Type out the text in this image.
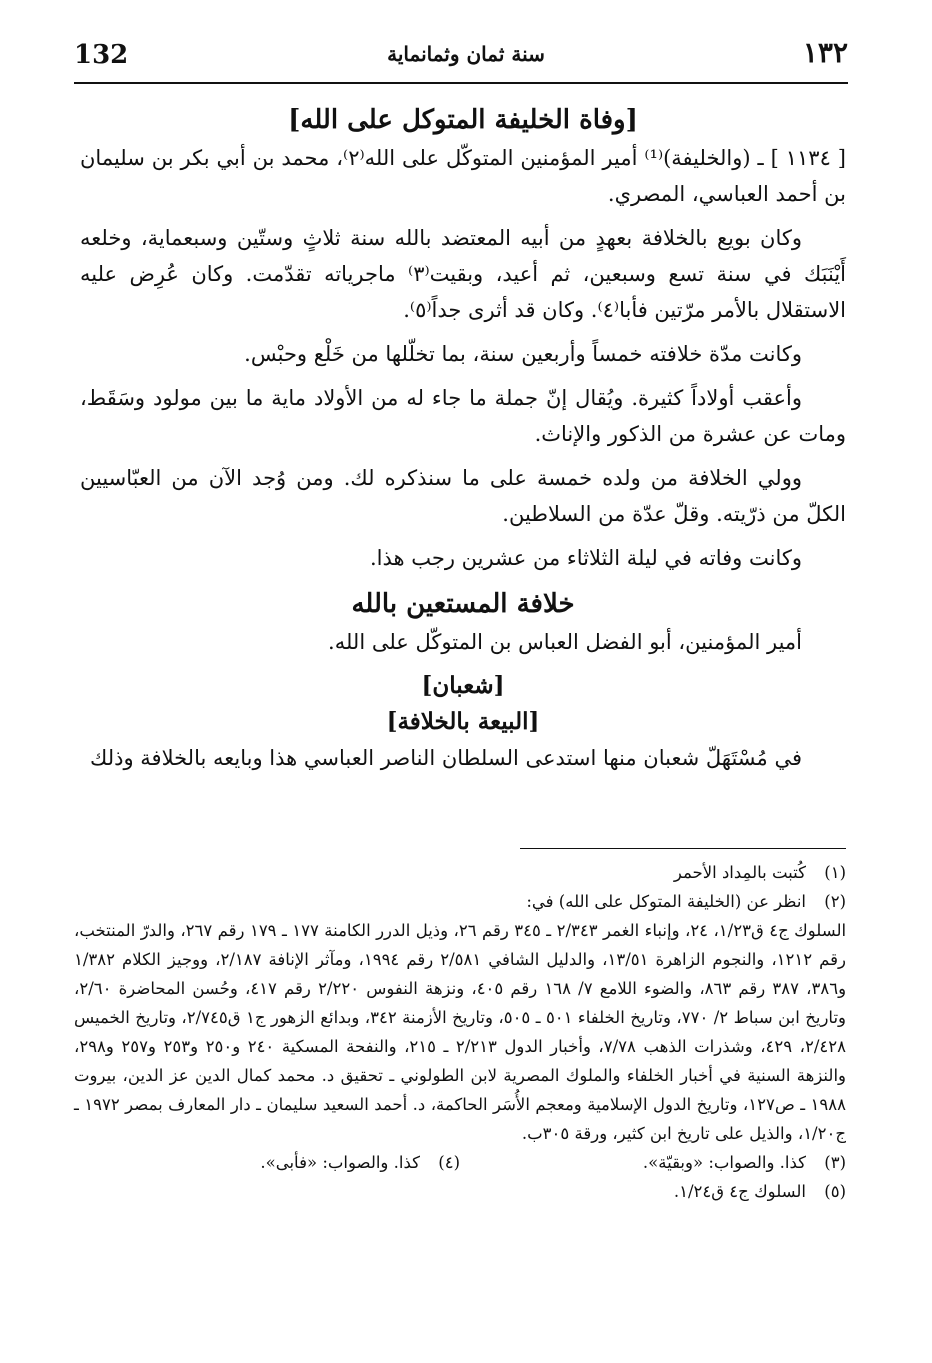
132	سنة ثمان وثمانماية	١٣٢
[وفاة الخليفة المتوكل على الله]

[ ١١٣٤ ] ـ (والخليفة)⁽¹⁾ أمير المؤمنين المتوكّل على الله⁽٢⁾، محمد بن أبي بكر بن سليمان بن أحمد العباسي، المصري.

وكان بويع بالخلافة بعهدٍ من أبيه المعتضد بالله سنة ثلاثٍ وستّين وسبعماية، وخلعه أَيْنَبَك في سنة تسع وسبعين، ثم أعيد، وبقيت⁽٣⁾ ماجرياته تقدّمت. وكان عُرِض عليه الاستقلال بالأمر مرّتين فأبا⁽٤⁾. وكان قد أثرى جداً⁽٥⁾.

وكانت مدّة خلافته خمساً وأربعين سنة، بما تخلّلها من خَلْع وحبْس.

وأعقب أولاداً كثيرة. ويُقال إنّ جملة ما جاء له من الأولاد ماية ما بين مولود وسَقَط، ومات عن عشرة من الذكور والإناث.

وولي الخلافة من ولده خمسة على ما سنذكره لك. ومن وُجد الآن من العبّاسيين الكلّ من ذرّيته. وقلّ عدّة من السلاطين.

وكانت وفاته في ليلة الثلاثاء من عشرين رجب هذا.

خلافة المستعين بالله

أمير المؤمنين، أبو الفضل العباس بن المتوكّل على الله.

[شعبان]
[البيعة بالخلافة]

في مُسْتَهَلّ شعبان منها استدعى السلطان الناصر العباسي هذا وبايعه بالخلافة وذلك

(١)
كُتبت بالمِداد الأحمر
(٢)
انظر عن (الخليفة المتوكل على الله) في:
السلوك ج٤ ق١/٢٣، ٢٤، وإنباء الغمر ٢/٣٤٣ ـ ٣٤٥ رقم ٢٦، وذيل الدرر الكامنة ١٧٧ ـ ١٧٩ رقم ٢٦٧، والدرّ المنتخب، رقم ١٢١٢، والنجوم الزاهرة ١٣/٥١، والدليل الشافي ٢/٥٨١ رقم ١٩٩٤، ومآثر الإنافة ٢/١٨٧، ووجيز الكلام ١/٣٨٢ و٣٨٦، ٣٨٧ رقم ٨٦٣، والضوء اللامع ٧/ ١٦٨ رقم ٤٠٥، ونزهة النفوس ٢/٢٢٠ رقم ٤١٧، وحُسن المحاضرة ٢/٦٠، وتاريخ ابن سباط ٢/ ٧٧٠، وتاريخ الخلفاء ٥٠١ ـ ٥٠٥، وتاريخ الأزمنة ٣٤٢، وبدائع الزهور ج١ ق٢/٧٤٥، وتاريخ الخميس ٢/٤٢٨، ٤٢٩، وشذرات الذهب ٧/٧٨، وأخبار الدول ٢/٢١٣ ـ ٢١٥، والنفحة المسكية ٢٤٠ و٢٥٠ و٢٥٣ و٢٥٧ و٢٩٨، والنزهة السنية في أخبار الخلفاء والملوك المصرية لابن الطولوني ـ تحقيق د. محمد كمال الدين عز الدين، بيروت ١٩٨٨ ـ ص١٢٧، وتاريخ الدول الإسلامية ومعجم الأُسَر الحاكمة، د. أحمد السعيد سليمان ـ دار المعارف بمصر ١٩٧٢ ـ ج١/٢٠، والذيل على تاريخ ابن كثير، ورقة ٣٠٥ب.
(٣)
كذا. والصواب: «وبقيّة».
(٤)
كذا. والصواب: «فأبى».
(٥)
السلوك ج٤ ق١/٢٤.
